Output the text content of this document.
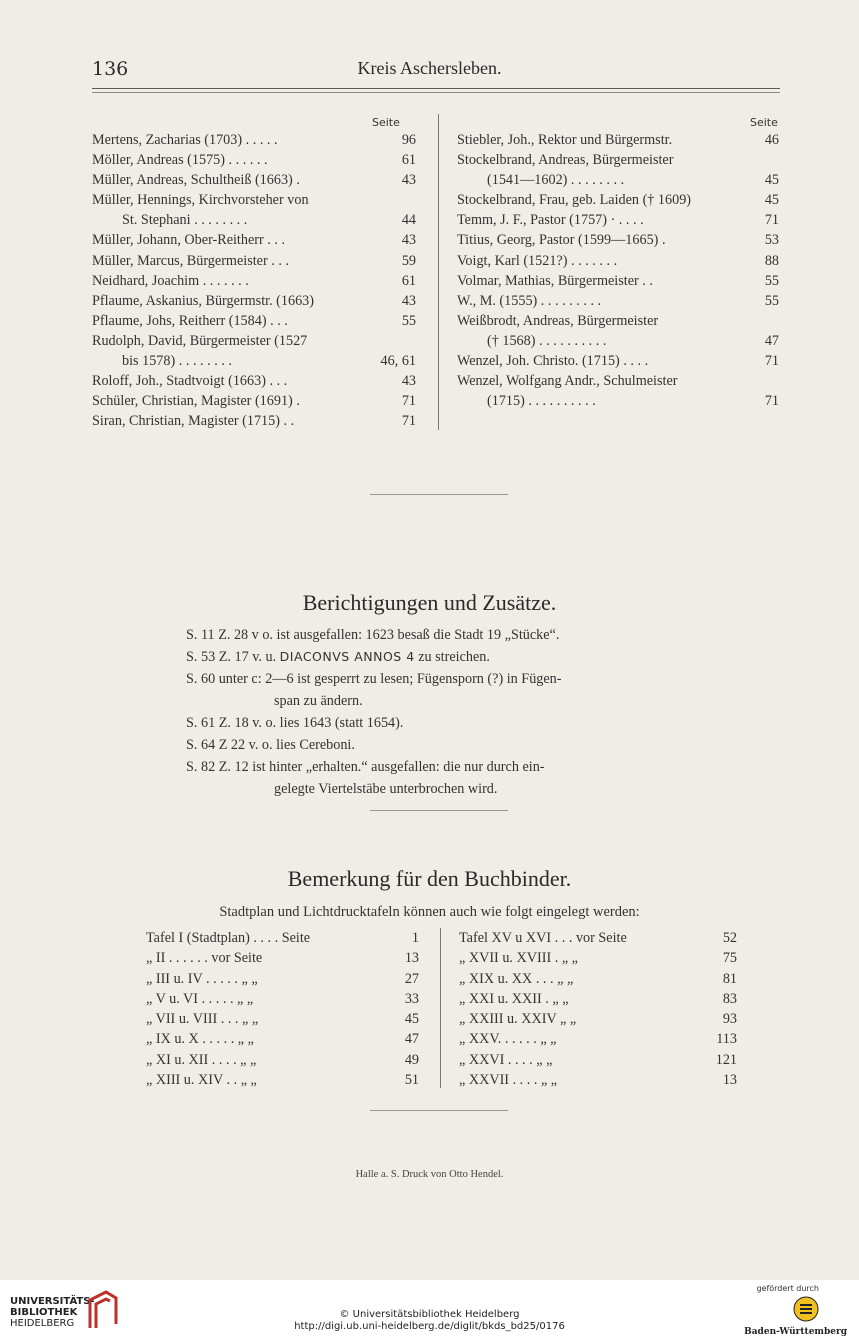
136	Kreis Aschersleben.
Seite	Seite
Mertens, Zacharias (1703) . . . . .	96
Möller, Andreas (1575) . . . . . .	61
Müller, Andreas, Schultheiß (1663) .	43
Müller, Hennings, Kirchvorsteher von
St. Stephani . . . . . . . .	44
Müller, Johann, Ober-Reitherr . . .	43
Müller, Marcus, Bürgermeister . . .	59
Neidhard, Joachim . . . . . . .	61
Pflaume, Askanius, Bürgermstr. (1663)	43
Pflaume, Johs, Reitherr (1584) . . .	55
Rudolph, David, Bürgermeister (1527
bis 1578) . . . . . . . .	46, 61
Roloff, Joh., Stadtvoigt (1663) . . .	43
Schüler, Christian, Magister (1691) .	71
Siran, Christian, Magister (1715) . .	71
Stiebler, Joh., Rektor und Bürgermstr.	46
Stockelbrand, Andreas, Bürgermeister
(1541—1602) . . . . . . . .	45
Stockelbrand, Frau, geb. Laiden († 1609)	45
Temm, J. F., Pastor (1757) · . . . .	71
Titius, Georg, Pastor (1599—1665) .	53
Voigt, Karl (1521?) . . . . . . .	88
Volmar, Mathias, Bürgermeister . .	55
W., M. (1555) . . . . . . . . .	55
Weißbrodt, Andreas, Bürgermeister
(† 1568) . . . . . . . . . .	47
Wenzel, Joh. Christo. (1715) . . . .	71
Wenzel, Wolfgang Andr., Schulmeister
(1715) . . . . . . . . . .	71
Berichtigungen und Zusätze.
S. 11 Z. 28 v o. ist ausgefallen: 1623 besaß die Stadt 19 „Stücke“.
S. 53 Z. 17 v. u. DIACONVS ANNOS 4 zu streichen.
S. 60 unter c: 2—6 ist gesperrt zu lesen; Fügensporn (?) in Fügen-
span zu ändern.
S. 61 Z. 18 v. o. lies 1643 (statt 1654).
S. 64 Z 22 v. o. lies Cereboni.
S. 82 Z. 12 ist hinter „erhalten.“ ausgefallen: die nur durch ein-
gelegte Viertelstäbe unterbrochen wird.
Bemerkung für den Buchbinder.
Stadtplan und Lichtdrucktafeln können auch wie folgt eingelegt werden:
Tafel I (Stadtplan) . . . . Seite	1
„ II . . . . . . vor Seite	13
„ III u. IV . . . . . „ „	27
„ V u. VI . . . . . „ „	33
„ VII u. VIII . . . „ „	45
„ IX u. X . . . . . „ „	47
„ XI u. XII . . . . „ „	49
„ XIII u. XIV . . „ „	51
Tafel XV u XVI . . . vor Seite	52
„ XVII u. XVIII . „ „	75
„ XIX u. XX . . . „ „	81
„ XXI u. XXII . „ „	83
„ XXIII u. XXIV „ „	93
„ XXV. . . . . . „ „	113
„ XXVI . . . . „ „	121
„ XXVII . . . . „ „	13
Halle a. S. Druck von Otto Hendel.
UNIVERSITÄTS-
BIBLIOTHEK
HEIDELBERG
© Universitätsbibliothek Heidelberg
http://digi.ub.uni-heidelberg.de/diglit/bkds_bd25/0176
gefördert durch
Baden-Württemberg
